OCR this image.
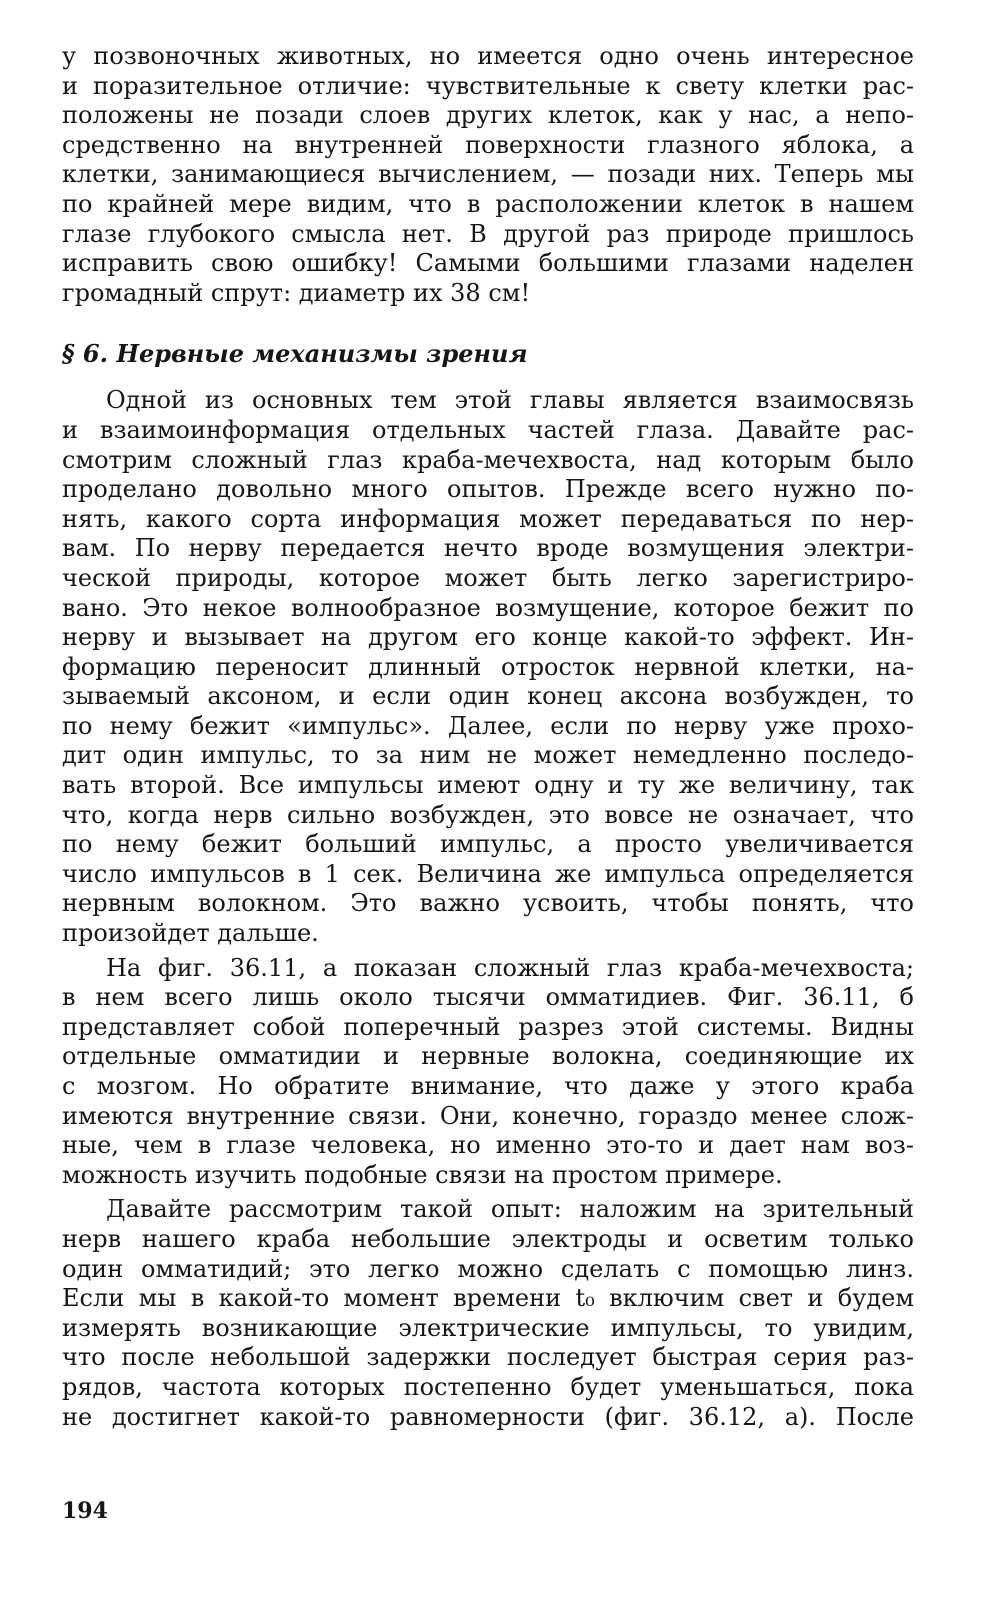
у позвоночных животных, но имеется одно очень интересное
и поразительное отличие: чувствительные к свету клетки рас-
положены не позади слоев других клеток, как у нас, а непо-
средственно на внутренней поверхности глазного яблока, а
клетки, занимающиеся вычислением, — позади них. Теперь мы
по крайней мере видим, что в расположении клеток в нашем
глазе глубокого смысла нет. В другой раз природе пришлось
исправить свою ошибку! Самыми большими глазами наделен
громадный спрут: диаметр их 38 см!
§ 6. Нервные механизмы зрения
Одной из основных тем этой главы является взаимосвязь
и взаимоинформация отдельных частей глаза. Давайте рас-
смотрим сложный глаз краба-мечехвоста, над которым было
проделано довольно много опытов. Прежде всего нужно по-
нять, какого сорта информация может передаваться по нер-
вам. По нерву передается нечто вроде возмущения электри-
ческой природы, которое может быть легко зарегистриро-
вано. Это некое волнообразное возмущение, которое бежит по
нерву и вызывает на другом его конце какой-то эффект. Ин-
формацию переносит длинный отросток нервной клетки, на-
зываемый аксоном, и если один конец аксона возбужден, то
по нему бежит «импульс». Далее, если по нерву уже прохо-
дит один импульс, то за ним не может немедленно последо-
вать второй. Все импульсы имеют одну и ту же величину, так
что, когда нерв сильно возбужден, это вовсе не означает, что
по нему бежит больший импульс, а просто увеличивается
число импульсов в 1 сек. Величина же импульса определяется
нервным волокном. Это важно усвоить, чтобы понять, что
произойдет дальше.
На фиг. 36.11, а показан сложный глаз краба-мечехвоста;
в нем всего лишь около тысячи омматидиев. Фиг. 36.11, б
представляет собой поперечный разрез этой системы. Видны
отдельные омматидии и нервные волокна, соединяющие их
с мозгом. Но обратите внимание, что даже у этого краба
имеются внутренние связи. Они, конечно, гораздо менее слож-
ные, чем в глазе человека, но именно это-то и дает нам воз-
можность изучить подобные связи на простом примере.
Давайте рассмотрим такой опыт: наложим на зрительный
нерв нашего краба небольшие электроды и осветим только
один омматидий; это легко можно сделать с помощью линз.
Если мы в какой-то момент времени t₀ включим свет и будем
измерять возникающие электрические импульсы, то увидим,
что после небольшой задержки последует быстрая серия раз-
рядов, частота которых постепенно будет уменьшаться, пока
не достигнет какой-то равномерности (фиг. 36.12, а). После
194
